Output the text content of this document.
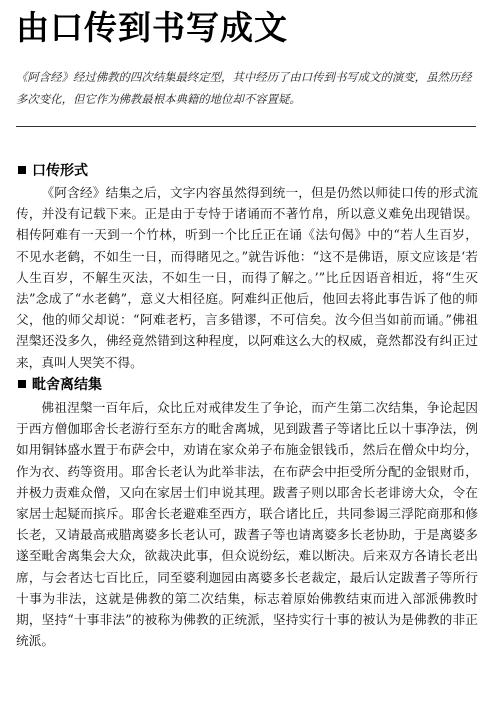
由口传到书写成文

《阿含经》经过佛教的四次结集最终定型，其中经历了由口传到书写成文的演变，虽然历经多次变化，但它作为佛教最根本典籍的地位却不容置疑。

口传形式

《阿含经》结集之后，文字内容虽然得到统一，但是仍然以师徒口传的形式流传，并没有记载下来。正是由于专恃于诸诵而不著竹帛，所以意义难免出现错误。相传阿难有一天到一个竹林，听到一个比丘正在诵《法句偈》中的“若人生百岁，不见水老鹤，不如生一日，而得睹见之。”就告诉他：“这不是佛语，原文应该是‘若人生百岁，不解生灭法，不如生一日，而得了解之。’”比丘因语音相近，将“生灭法”念成了“水老鹤”，意义大相径庭。阿难纠正他后，他回去将此事告诉了他的师父，他的师父却说：“阿难老朽，言多错谬，不可信矣。汝今但当如前而诵。”佛祖涅槃还没多久，佛经竟然错到这种程度，以阿难这么大的权威，竟然都没有纠正过来，真叫人哭笑不得。

毗舍离结集

佛祖涅槃一百年后，众比丘对戒律发生了争论，而产生第二次结集，争论起因于西方僧伽耶舍长老游行至东方的毗舍离城，见到跋耆子等诸比丘以十事净法，例如用铜钵盛水置于布萨会中，劝请在家众弟子布施金银钱币，然后在僧众中均分，作为衣、药等资用。耶舍长老认为此举非法，在布萨会中拒受所分配的金银财币，并极力责难众僧，又向在家居士们申说其理。跋耆子则以耶舍长老诽谤大众，令在家居士起疑而摈斥。耶舍长老避难至西方，联合诸比丘，共同参谒三浮陀商那和修长老，又请最高戒腊离婆多长老认可，跋耆子等也请离婆多长老协助，于是离婆多遂至毗舍离集会大众，欲裁决此事，但众说纷纭，难以断决。后来双方各请长老出席，与会者达七百比丘，同至婆利迦园由离婆多长老裁定，最后认定跋耆子等所行十事为非法，这就是佛教的第二次结集，标志着原始佛教结束而进入部派佛教时期，坚持“十事非法”的被称为佛教的正统派，坚持实行十事的被认为是佛教的非正统派。
